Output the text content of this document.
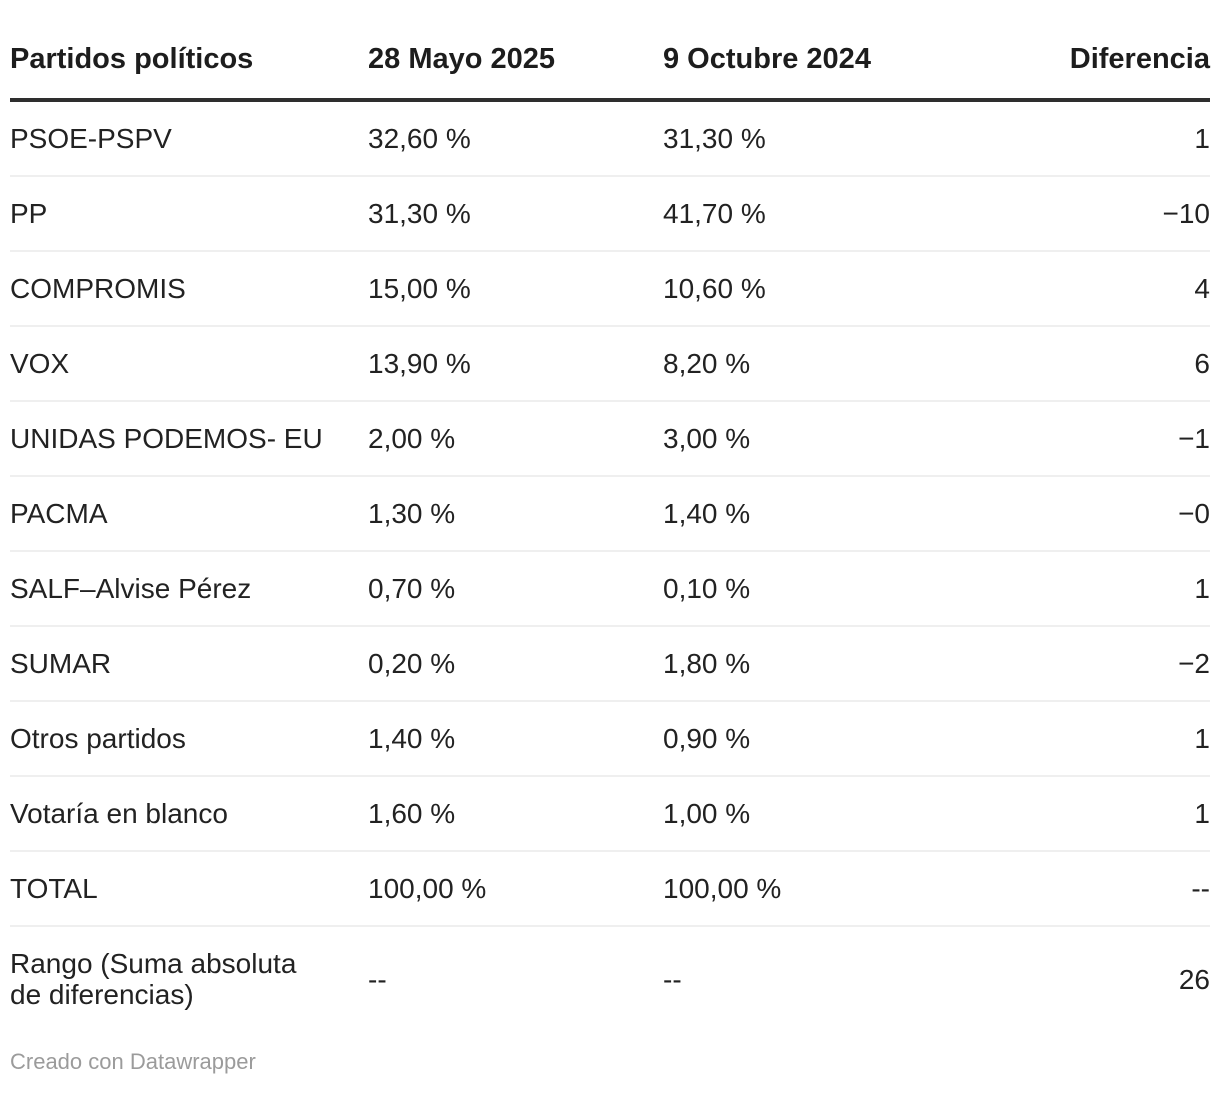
Partidos políticos	28 Mayo 2025	9 Octubre 2024	Diferencia
PSOE-PSPV	32,60 %	31,30 %	1
PP	31,30 %	41,70 %	−10
COMPROMIS	15,00 %	10,60 %	4
VOX	13,90 %	8,20 %	6
UNIDAS PODEMOS- EU	2,00 %	3,00 %	−1
PACMA	1,30 %	1,40 %	−0
SALF–Alvise Pérez	0,70 %	0,10 %	1
SUMAR	0,20 %	1,80 %	−2
Otros partidos	1,40 %	0,90 %	1
Votaría en blanco	1,60 %	1,00 %	1
TOTAL	100,00 %	100,00 %	--
Rango (Suma absoluta de diferencias)	--	--	26
Creado con Datawrapper
